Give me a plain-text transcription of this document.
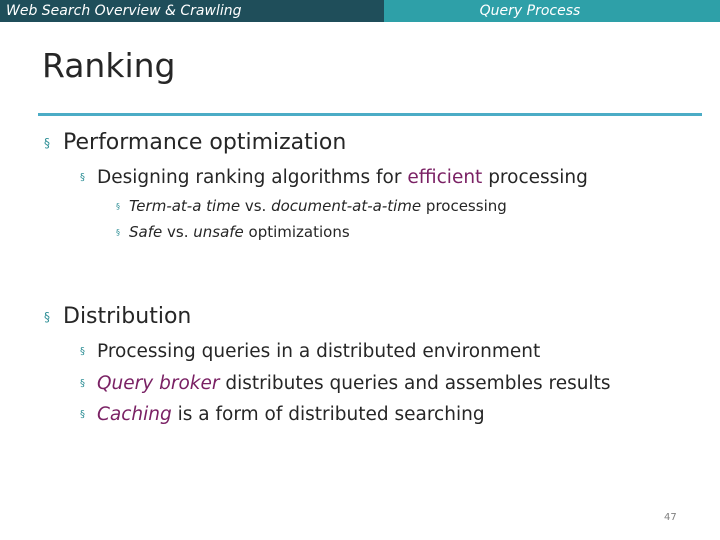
Web Search Overview & Crawling	Query Process
Ranking
§ Performance optimization
§ Designing ranking algorithms for efficient processing
§ Term-at-a time vs. document-at-a-time processing
§ Safe vs. unsafe optimizations
§ Distribution
§ Processing queries in a distributed environment
§ Query broker distributes queries and assembles results
§ Caching is a form of distributed searching
47
